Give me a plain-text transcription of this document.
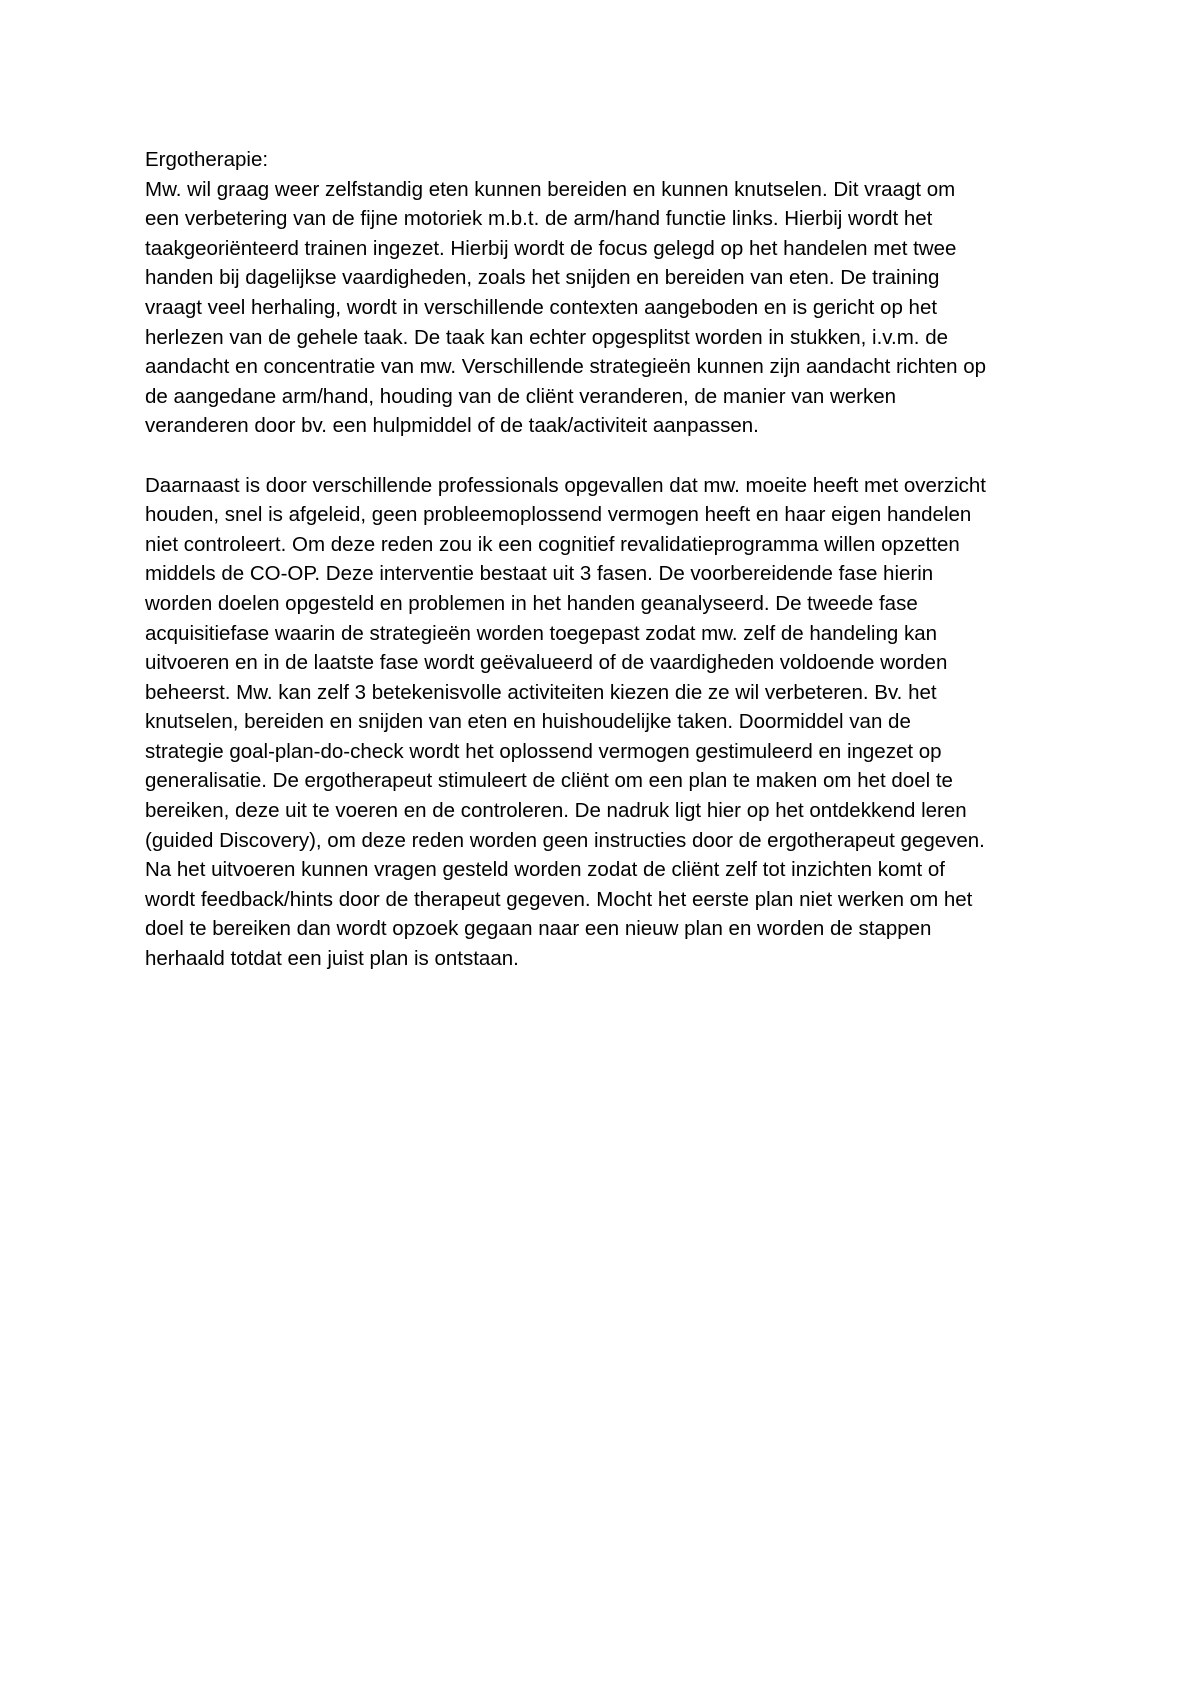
Ergotherapie:
Mw. wil graag weer zelfstandig eten kunnen bereiden en kunnen knutselen. Dit vraagt om
een verbetering van de fijne motoriek m.b.t. de arm/hand functie links. Hierbij wordt het
taakgeoriënteerd trainen ingezet. Hierbij wordt de focus gelegd op het handelen met twee
handen bij dagelijkse vaardigheden, zoals het snijden en bereiden van eten. De training
vraagt veel herhaling, wordt in verschillende contexten aangeboden en is gericht op het
herlezen van de gehele taak. De taak kan echter opgesplitst worden in stukken, i.v.m. de
aandacht en concentratie van mw. Verschillende strategieën kunnen zijn aandacht richten op
de aangedane arm/hand, houding van de cliënt veranderen, de manier van werken
veranderen door bv. een hulpmiddel of de taak/activiteit aanpassen.
Daarnaast is door verschillende professionals opgevallen dat mw. moeite heeft met overzicht
houden, snel is afgeleid, geen probleemoplossend vermogen heeft en haar eigen handelen
niet controleert. Om deze reden zou ik een cognitief revalidatieprogramma willen opzetten
middels de CO-OP. Deze interventie bestaat uit 3 fasen. De voorbereidende fase hierin
worden doelen opgesteld en problemen in het handen geanalyseerd. De tweede fase
acquisitiefase waarin de strategieën worden toegepast zodat mw. zelf de handeling kan
uitvoeren en in de laatste fase wordt geëvalueerd of de vaardigheden voldoende worden
beheerst. Mw. kan zelf 3 betekenisvolle activiteiten kiezen die ze wil verbeteren. Bv. het
knutselen, bereiden en snijden van eten en huishoudelijke taken. Doormiddel van de
strategie goal-plan-do-check wordt het oplossend vermogen gestimuleerd en ingezet op
generalisatie. De ergotherapeut stimuleert de cliënt om een plan te maken om het doel te
bereiken, deze uit te voeren en de controleren. De nadruk ligt hier op het ontdekkend leren
(guided Discovery), om deze reden worden geen instructies door de ergotherapeut gegeven.
Na het uitvoeren kunnen vragen gesteld worden zodat de cliënt zelf tot inzichten komt of
wordt feedback/hints door de therapeut gegeven. Mocht het eerste plan niet werken om het
doel te bereiken dan wordt opzoek gegaan naar een nieuw plan en worden de stappen
herhaald totdat een juist plan is ontstaan.
